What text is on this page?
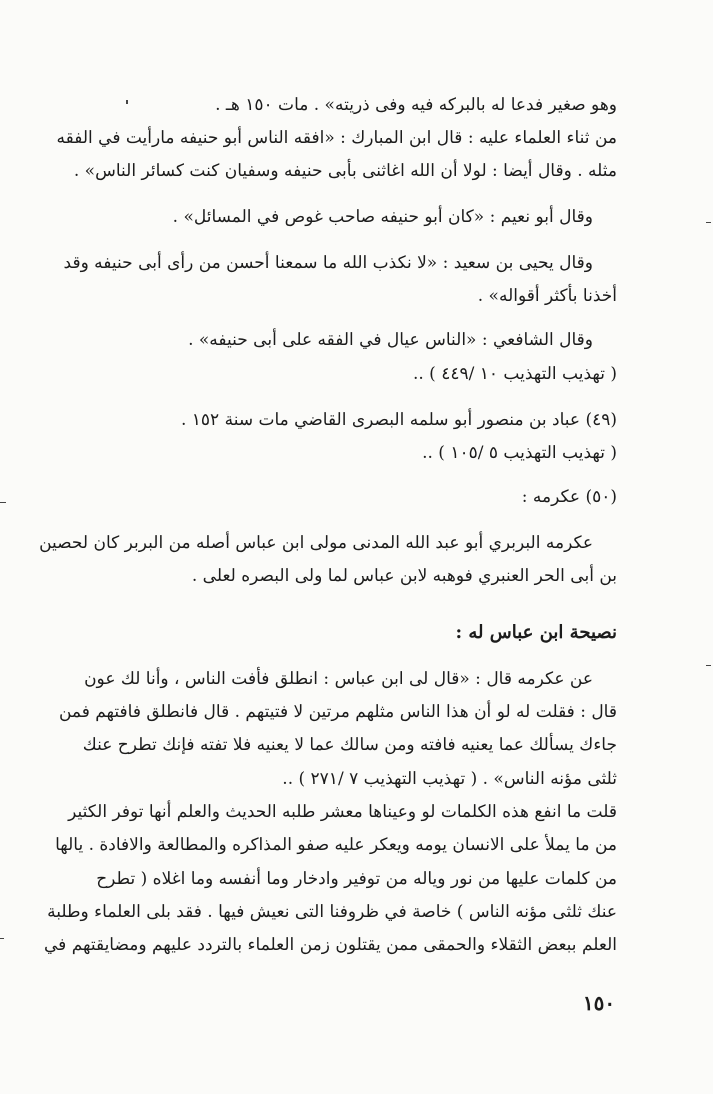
وهو صغير فدعا له بالبركه فيه وفى ذريته» . مات ١٥٠ هـ .
من ثناء العلماء عليه : قال ابن المبارك : «افقه الناس أبو حنيفه مارأيت في الفقه
مثله . وقال أيضا : لولا أن الله اغاثنى بأبى حنيفه وسفيان كنت كسائر الناس» .
وقال أبو نعيم : «كان أبو حنيفه صاحب غوص في المسائل» .
وقال يحيى بن سعيد : «لا نكذب الله ما سمعنا أحسن من رأى أبى حنيفه وقد
أخذنا بأكثر أقواله» .
وقال الشافعي : «الناس عيال في الفقه على أبى حنيفه» .
( تهذيب التهذيب ١٠ /٤٤٩ ) ..
(٤٩) عباد بن منصور أبو سلمه البصرى القاضي مات سنة ١٥٢ .
( تهذيب التهذيب ٥ /١٠٥ ) ..
(٥٠) عكرمه :
عكرمه البربري أبو عبد الله المدنى مولى ابن عباس أصله من البربر كان لحصين
بن أبى الحر العنبري فوهبه لابن عباس لما ولى البصره لعلى .
نصيحة ابن عباس له :
عن عكرمه قال : «قال لى ابن عباس : انطلق فأفت الناس ، وأنا لك عون
قال : فقلت له لو أن هذا الناس مثلهم مرتين لا فتيتهم . قال فانطلق فافتهم فمن
جاءك يسألك عما يعنيه فافته ومن سالك عما لا يعنيه فلا تفته فإنك تطرح عنك
ثلثى مؤنه الناس» . ( تهذيب التهذيب ٧ /٢٧١ ) ..
قلت ما انفع هذه الكلمات لو وعيناها معشر طلبه الحديث والعلم أنها توفر الكثير
من ما يملأ على الانسان يومه ويعكر عليه صفو المذاكره والمطالعة والافادة . يالها
من كلمات عليها من نور وياله من توفير وادخار وما أنفسه وما اغلاه ( تطرح
عنك ثلثى مؤنه الناس ) خاصة في ظروفنا التى نعيش فيها . فقد بلى العلماء وطلبة
العلم ببعض الثقلاء والحمقى ممن يقتلون زمن العلماء بالتردد عليهم ومضايقتهم في
١٥٠
